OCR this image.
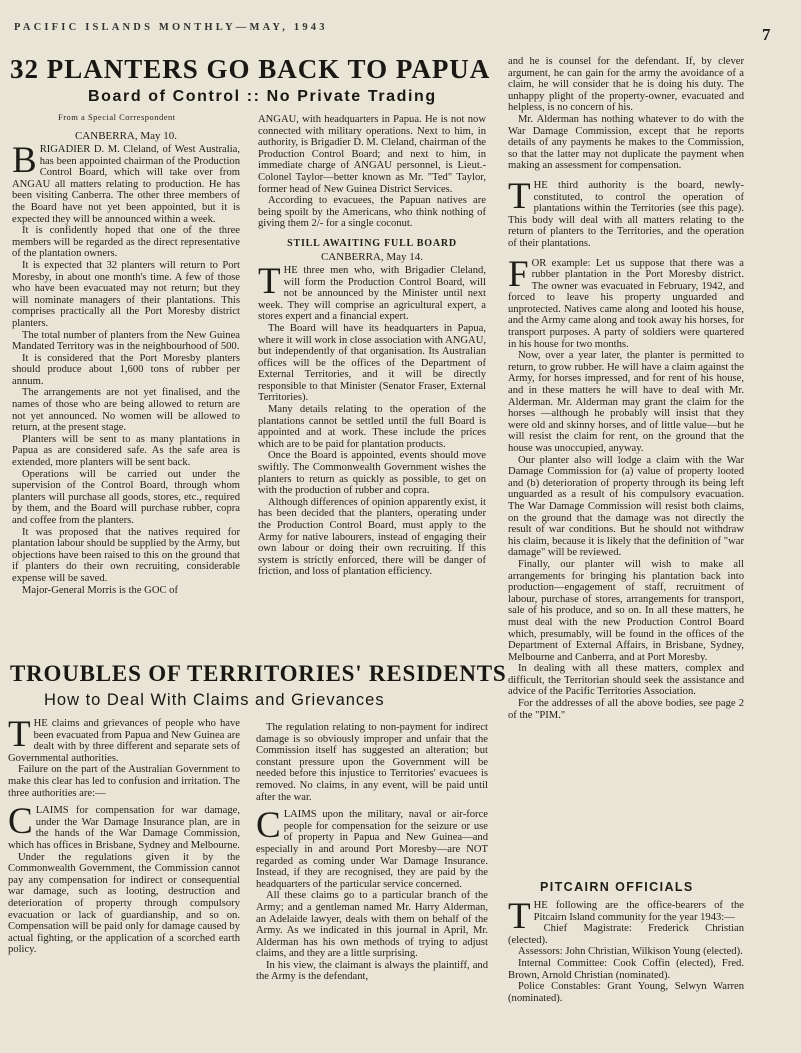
PACIFIC ISLANDS MONTHLY—MAY, 1943	7
32 PLANTERS GO BACK TO PAPUA
Board of Control :: No Private Trading
From a Special Correspondent
CANBERRA, May 10.

BRIGADIER D. M. Cleland, of West Australia, has been appointed chairman of the Production Control Board, which will take over from ANGAU all matters relating to production. He has been visiting Canberra. The other three members of the Board have not yet been appointed, but it is expected they will be announced within a week.

It is confidently hoped that one of the three members will be regarded as the direct representative of the plantation owners.

It is expected that 32 planters will return to Port Moresby, in about one month's time. A few of those who have been evacuated may not return; but they will nominate managers of their plantations. This comprises practically all the Port Moresby district planters.

The total number of planters from the New Guinea Mandated Territory was in the neighbourhood of 500.

It is considered that the Port Moresby planters should produce about 1,600 tons of rubber per annum.

The arrangements are not yet finalised, and the names of those who are being allowed to return are not yet announced. No women will be allowed to return, at the present stage.

Planters will be sent to as many plantations in Papua as are considered safe. As the safe area is extended, more planters will be sent back.

Operations will be carried out under the supervision of the Control Board, through whom planters will purchase all goods, stores, etc., required by them, and the Board will purchase rubber, copra and coffee from the planters.

It was proposed that the natives required for plantation labour should be supplied by the Army, but objections have been raised to this on the ground that if planters do their own recruiting, considerable expense will be saved.

Major-General Morris is the GOC of

ANGAU, with headquarters in Papua. He is not now connected with military operations. Next to him, in authority, is Brigadier D. M. Cleland, chairman of the Production Control Board; and next to him, in immediate charge of ANGAU personnel, is Lieut.-Colonel Taylor—better known as Mr. "Ted" Taylor, former head of New Guinea District Services.

According to evacuees, the Papuan natives are being spoilt by the Americans, who think nothing of giving them 2/- for a single coconut.

STILL AWAITING FULL BOARD
CANBERRA, May 14.

THE three men who, with Brigadier Cleland, will form the Production Control Board, will not be announced by the Minister until next week. They will comprise an agricultural expert, a stores expert and a financial expert.

The Board will have its headquarters in Papua, where it will work in close association with ANGAU, but independently of that organisation. Its Australian offices will be the offices of the Department of External Territories, and it will be directly responsible to that Minister (Senator Fraser, External Territories).

Many details relating to the operation of the plantations cannot be settled until the full Board is appointed and at work. These include the prices which are to be paid for plantation products.

Once the Board is appointed, events should move swiftly. The Commonwealth Government wishes the planters to return as quickly as possible, to get on with the production of rubber and copra.

Although differences of opinion apparently exist, it has been decided that the planters, operating under the Production Control Board, must apply to the Army for native labourers, instead of engaging their own labour or doing their own recruiting. If this system is strictly enforced, there will be danger of friction, and loss of plantation efficiency.

and he is counsel for the defendant. If, by clever argument, he can gain for the army the avoidance of a claim, he will consider that he is doing his duty. The unhappy plight of the property-owner, evacuated and helpless, is no concern of his.

Mr. Alderman has nothing whatever to do with the War Damage Commission, except that he reports details of any payments he makes to the Commission, so that the latter may not duplicate the payment when making an assessment for compensation.

THE third authority is the board, newly-constituted, to control the operation of plantations within the Territories (see this page). This body will deal with all matters relating to the return of planters to the Territories, and the operation of their plantations.

FOR example: Let us suppose that there was a rubber plantation in the Port Moresby district. The owner was evacuated in February, 1942, and forced to leave his property unguarded and unprotected. Natives came along and looted his house, and the Army came along and took away his horses, for transport purposes. A party of soldiers were quartered in his house for two months.

Now, over a year later, the planter is permitted to return, to grow rubber. He will have a claim against the Army, for horses impressed, and for rent of his house, and in these matters he will have to deal with Mr. Alderman. Mr. Alderman may grant the claim for the horses —although he probably will insist that they were old and skinny horses, and of little value—but he will resist the claim for rent, on the ground that the house was unoccupied, anyway.

Our planter also will lodge a claim with the War Damage Commission for (a) value of property looted and (b) deterioration of property through its being left unguarded as a result of his compulsory evacuation. The War Damage Commission will resist both claims, on the ground that the damage was not directly the result of war conditions. But he should not withdraw his claim, because it is likely that the definition of "war damage" will be reviewed.

Finally, our planter will wish to make all arrangements for bringing his plantation back into production—engagement of staff, recruitment of labour, purchase of stores, arrangements for transport, sale of his produce, and so on. In all these matters, he must deal with the new Production Control Board which, presumably, will be found in the offices of the Department of External Affairs, in Brisbane, Sydney, Melbourne and Canberra, and at Port Moresby.

In dealing with all these matters, complex and difficult, the Territorian should seek the assistance and advice of the Pacific Territories Association.

For the addresses of all the above bodies, see page 2 of the "PIM."

TROUBLES OF TERRITORIES' RESIDENTS
How to Deal With Claims and Grievances

THE claims and grievances of people who have been evacuated from Papua and New Guinea are dealt with by three different and separate sets of Governmental authorities.

Failure on the part of the Australian Government to make this clear has led to confusion and irritation. The three authorities are:—

CLAIMS for compensation for war damage, under the War Damage Insurance plan, are in the hands of the War Damage Commission, which has offices in Brisbane, Sydney and Melbourne.

Under the regulations given it by the Commonwealth Government, the Commission cannot pay any compensation for indirect or consequential war damage, such as looting, destruction and deterioration of property through compulsory evacuation or lack of guardianship, and so on. Compensation will be paid only for damage caused by actual fighting, or the application of a scorched earth policy.

The regulation relating to non-payment for indirect damage is so obviously improper and unfair that the Commission itself has suggested an alteration; but constant pressure upon the Government will be needed before this injustice to Territories' evacuees is removed. No claims, in any event, will be paid until after the war.

CLAIMS upon the military, naval or air-force people for compensation for the seizure or use of property in Papua and New Guinea—and especially in and around Port Moresby—are NOT regarded as coming under War Damage Insurance. Instead, if they are recognised, they are paid by the headquarters of the particular service concerned.

All these claims go to a particular branch of the Army; and a gentleman named Mr. Harry Alderman, an Adelaide lawyer, deals with them on behalf of the Army. As we indicated in this journal in April, Mr. Alderman has his own methods of trying to adjust claims, and they are a little surprising.

In his view, the claimant is always the plaintiff, and the Army is the defendant,

PITCAIRN OFFICIALS

THE following are the office-bearers of the Pitcairn Island community for the year 1943:—

Chief Magistrate: Frederick Christian (elected).

Assessors: John Christian, Wilkison Young (elected).

Internal Committee: Cook Coffin (elected), Fred. Brown, Arnold Christian (nominated).

Police Constables: Grant Young, Selwyn Warren (nominated).
